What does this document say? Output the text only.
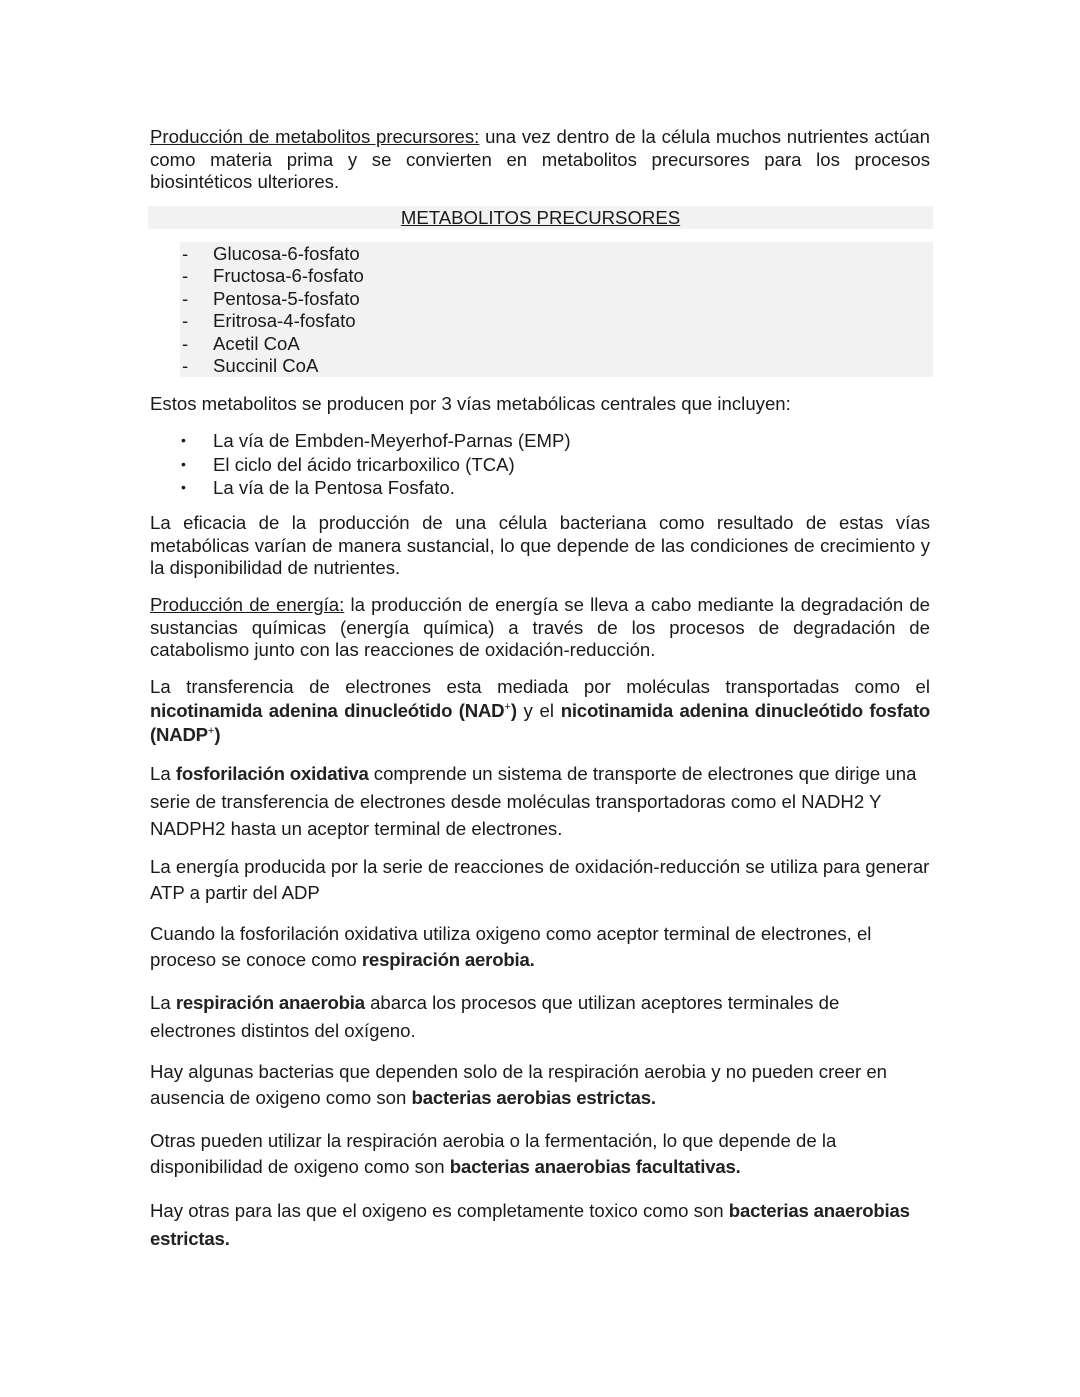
Producción de metabolitos precursores: una vez dentro de la célula muchos nutrientes actúan como materia prima y se convierten en metabolitos precursores para los procesos biosintéticos ulteriores.

METABOLITOS PRECURSORES
- Glucosa-6-fosfato
- Fructosa-6-fosfato
- Pentosa-5-fosfato
- Eritrosa-4-fosfato
- Acetil CoA
- Succinil CoA

Estos metabolitos se producen por 3 vías metabólicas centrales que incluyen:

• La vía de Embden-Meyerhof-Parnas (EMP)
• El ciclo del ácido tricarboxilico (TCA)
• La vía de la Pentosa Fosfato.

La eficacia de la producción de una célula bacteriana como resultado de estas vías metabólicas varían de manera sustancial, lo que depende de las condiciones de crecimiento y la disponibilidad de nutrientes.

Producción de energía: la producción de energía se lleva a cabo mediante la degradación de sustancias químicas (energía química) a través de los procesos de degradación de catabolismo junto con las reacciones de oxidación-reducción.

La transferencia de electrones esta mediada por moléculas transportadas como el nicotinamida adenina dinucleótido (NAD+) y el nicotinamida adenina dinucleótido fosfato (NADP+)

La fosforilación oxidativa comprende un sistema de transporte de electrones que dirige una serie de transferencia de electrones desde moléculas transportadoras como el NADH2 Y NADPH2 hasta un aceptor terminal de electrones.

La energía producida por la serie de reacciones de oxidación-reducción se utiliza para generar ATP a partir del ADP

Cuando la fosforilación oxidativa utiliza oxigeno como aceptor terminal de electrones, el proceso se conoce como respiración aerobia.

La respiración anaerobia abarca los procesos que utilizan aceptores terminales de electrones distintos del oxígeno.

Hay algunas bacterias que dependen solo de la respiración aerobia y no pueden creer en ausencia de oxigeno como son bacterias aerobias estrictas.

Otras pueden utilizar la respiración aerobia o la fermentación, lo que depende de la disponibilidad de oxigeno como son bacterias anaerobias facultativas.

Hay otras para las que el oxigeno es completamente toxico como son bacterias anaerobias estrictas.
